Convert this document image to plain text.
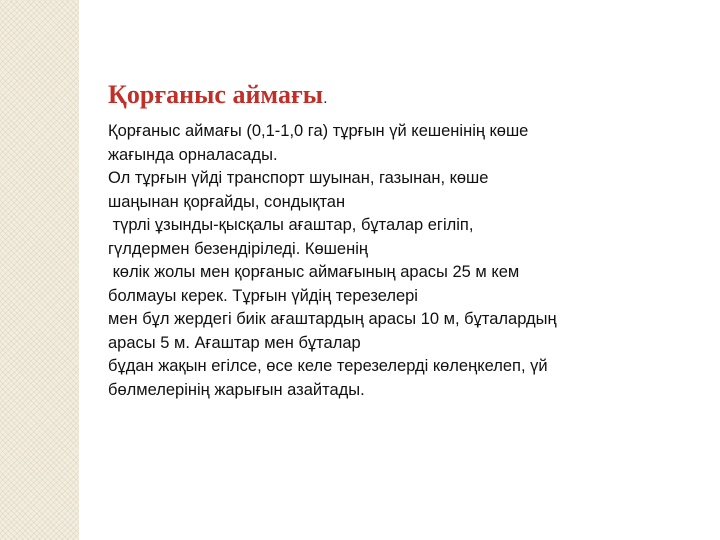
Қорғаныс аймағы.

Қорғаныс аймағы (0,1-1,0 га) тұрғын үй кешенінің көше

жағында орналасады.

Ол тұрғын үйді транспорт шуынан, газынан, көше

шаңынан қорғайды, сондықтан

түрлі ұзынды-қысқалы ағаштар, бұталар егіліп,

гүлдермен безендіріледі. Көшенің

көлік жолы мен қорғаныс аймағының арасы 25 м кем

болмауы керек. Тұрғын үйдің терезелері

мен бұл жердегі биік ағаштардың арасы 10 м, бұталардың

арасы 5 м. Ағаштар мен бұталар

бұдан жақын егілсе, өсе келе терезелерді көлеңкелеп, үй

бөлмелерінің жарығын азайтады.
